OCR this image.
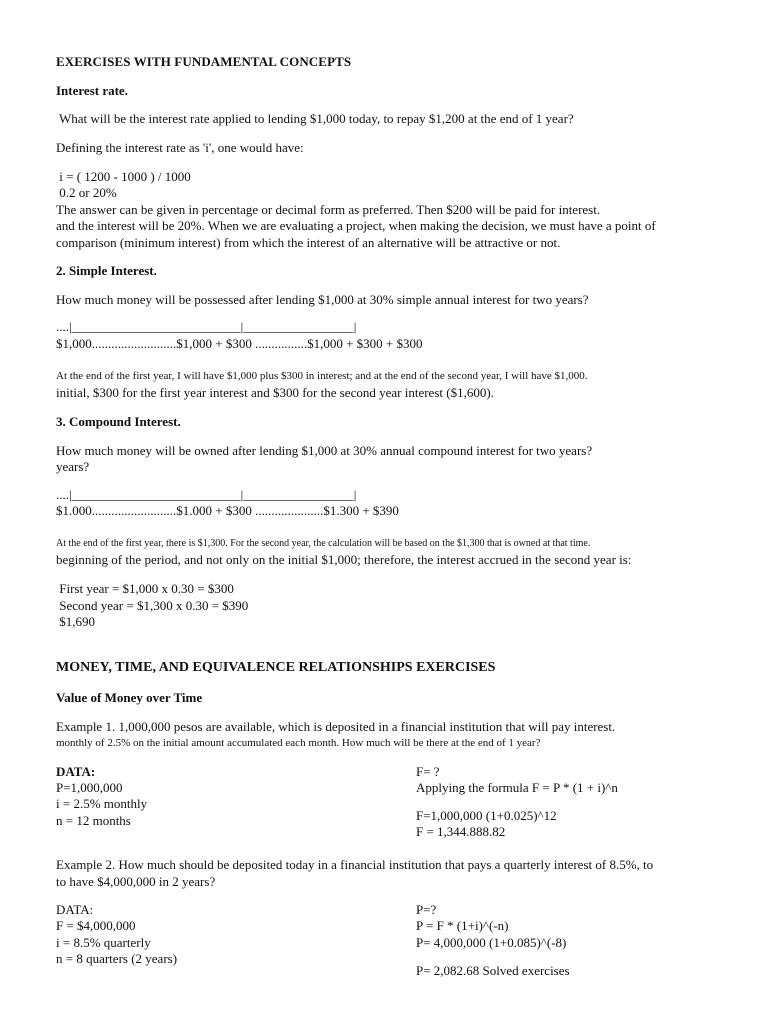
EXERCISES WITH FUNDAMENTAL CONCEPTS
Interest rate.
What will be the interest rate applied to lending $1,000 today, to repay $1,200 at the end of 1 year?
Defining the interest rate as 'i', one would have:
i = ( 1200 - 1000 ) / 1000
0.2 or 20%
The answer can be given in percentage or decimal form as preferred. Then $200 will be paid for interest.
and the interest will be 20%. When we are evaluating a project, when making the decision, we must have a point of
comparison (minimum interest) from which the interest of an alternative will be attractive or not.
2. Simple Interest.
How much money will be possessed after lending $1,000 at 30% simple annual interest for two years?
....|__________________________|_________________|
$1,000..........................$1,000 + $300 ................$1,000 + $300 + $300
At the end of the first year, I will have $1,000 plus $300 in interest; and at the end of the second year, I will have $1,000.
initial, $300 for the first year interest and $300 for the second year interest ($1,600).
3. Compound Interest.
How much money will be owned after lending $1,000 at 30% annual compound interest for two years?
years?
....|__________________________|_________________|
$1.000..........................$1.000 + $300 .....................$1.300 + $390
At the end of the first year, there is $1,300. For the second year, the calculation will be based on the $1,300 that is owned at that time.
beginning of the period, and not only on the initial $1,000; therefore, the interest accrued in the second year is:
First year = $1,000 x 0.30 = $300
Second year = $1,300 x 0.30 = $390
$1,690
MONEY, TIME, AND EQUIVALENCE RELATIONSHIPS EXERCISES
Value of Money over Time
Example 1. 1,000,000 pesos are available, which is deposited in a financial institution that will pay interest.
monthly of 2.5% on the initial amount accumulated each month. How much will be there at the end of 1 year?
DATA:
P=1,000,000
i = 2.5% monthly
n = 12 months
F= ?
Applying the formula F = P * (1 + i)^n
F=1,000,000 (1+0.025)^12
F = 1,344.888.82
Example 2. How much should be deposited today in a financial institution that pays a quarterly interest of 8.5%, to
to have $4,000,000 in 2 years?
DATA:
F = $4,000,000
i = 8.5% quarterly
n = 8 quarters (2 years)
P=?
P = F * (1+i)^(-n)
P= 4,000,000 (1+0.085)^(-8)
P= 2,082.68 Solved exercises
